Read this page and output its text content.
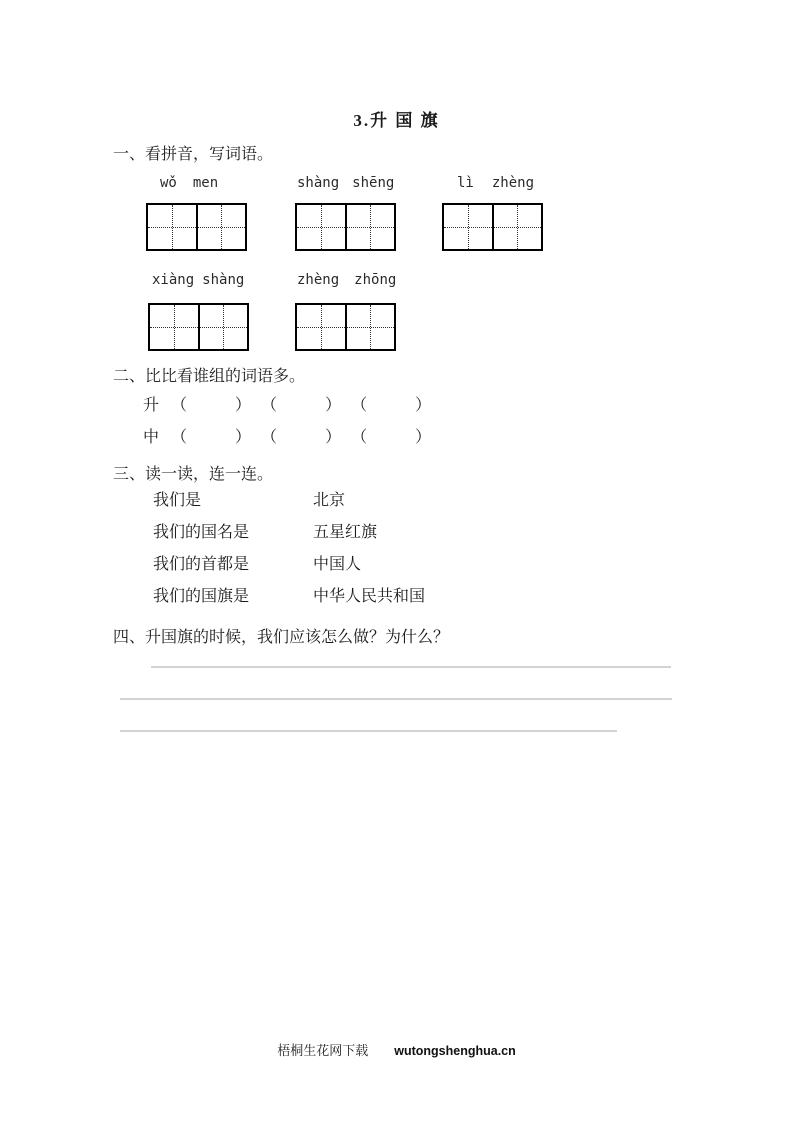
3.升 国 旗
一、看拼音，写词语。
wǒ men	shàng shēng	lì zhèng
xiàng shàng	zhèng zhōng
二、比比看谁组的词语多。
升 （	） （	） （	）
中 （	） （	） （	）
三、读一读，连一连。
我们是	北京
我们的国名是	五星红旗
我们的首都是	中国人
我们的国旗是	中华人民共和国
四、升国旗的时候，我们应该怎么做？为什么？
梧桐生花网下载 wutongshenghua.cn
